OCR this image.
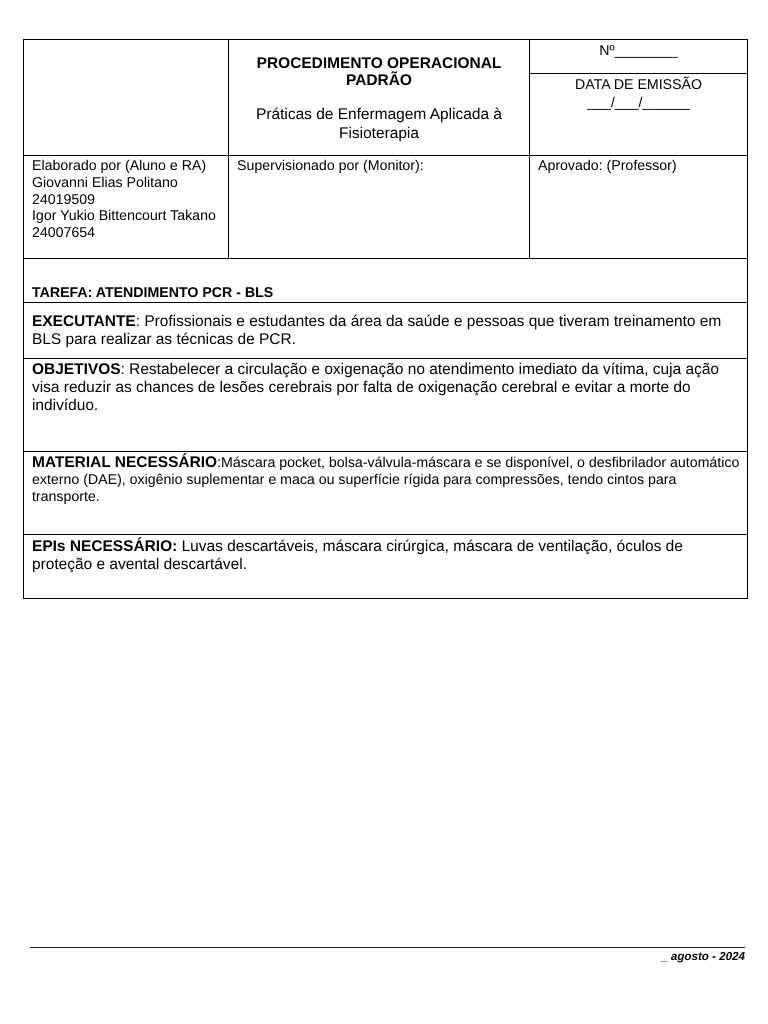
PROCEDIMENTO OPERACIONAL PADRÃO
Práticas de Enfermagem Aplicada à Fisioterapia
Nº________
DATA DE EMISSÃO
___/___/______
Elaborado por (Aluno e RA)
Giovanni Elias Politano
24019509
Igor Yukio Bittencourt Takano
24007654
Supervisionado por (Monitor):	Aprovado: (Professor)
TAREFA: ATENDIMENTO PCR - BLS
EXECUTANTE: Profissionais e estudantes da área da saúde e pessoas que tiveram treinamento em
BLS para realizar as técnicas de PCR.
OBJETIVOS: Restabelecer a circulação e oxigenação no atendimento imediato da vítima, cuja ação
visa reduzir as chances de lesões cerebrais por falta de oxigenação cerebral e evitar a morte do
indivíduo.
MATERIAL NECESSÁRIO:Máscara pocket, bolsa-válvula-máscara e se disponível, o desfibrilador automático
externo (DAE), oxigênio suplementar e maca ou superfície rígida para compressões, tendo cintos para
transporte.
EPIs NECESSÁRIO: Luvas descartáveis, máscara cirúrgica, máscara de ventilação, óculos de
proteção e avental descartável.
_ agosto - 2024
